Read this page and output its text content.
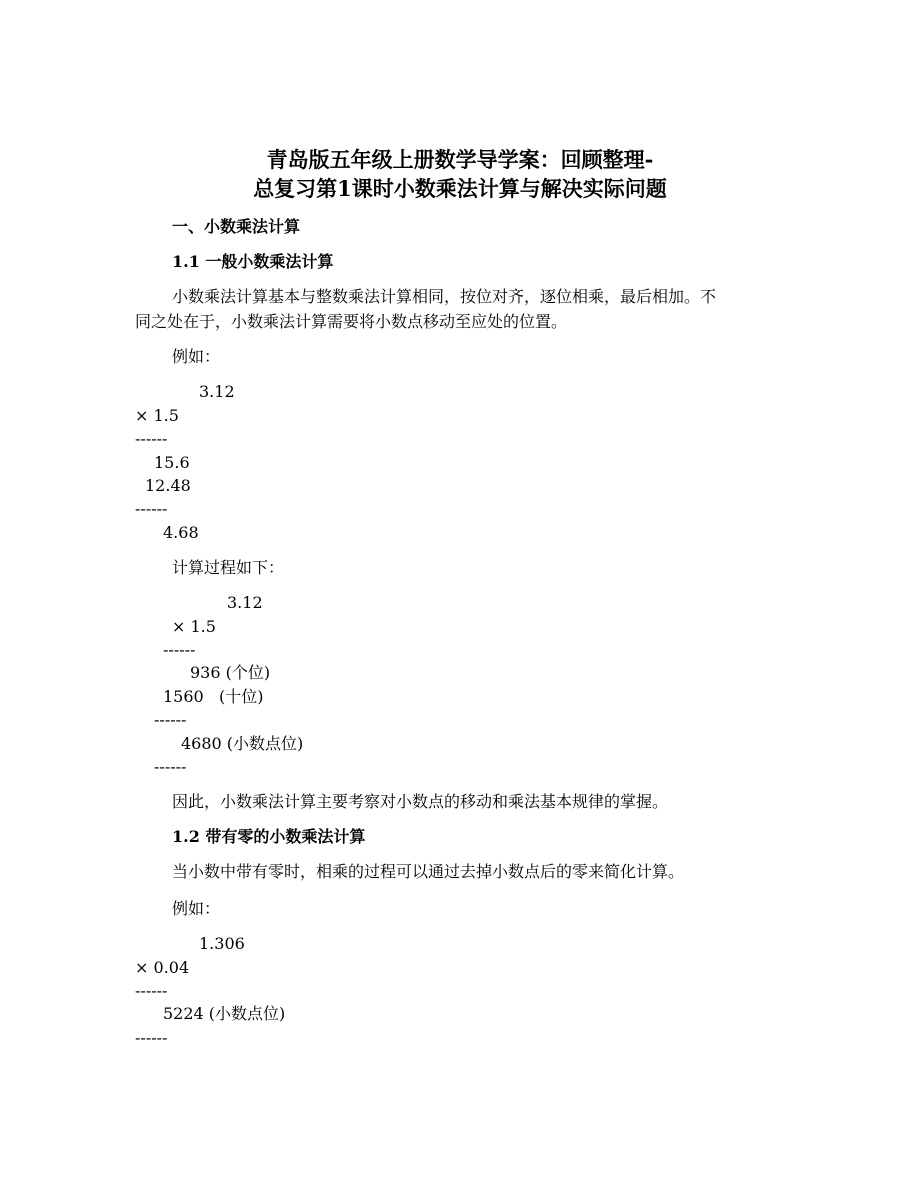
青岛版五年级上册数学导学案：回顾整理-

总复习第1课时小数乘法计算与解决实际问题

一、小数乘法计算

1.1 一般小数乘法计算

小数乘法计算基本与整数乘法计算相同，按位对齐，逐位相乘，最后相加。不

同之处在于，小数乘法计算需要将小数点移动至应处的位置。

例如：

3.12

× 1.5

------

15.6

12.48

------

4.68

计算过程如下：

3.12

× 1.5

------

936 (个位)

1560   (十位)

------

4680 (小数点位)

------

因此，小数乘法计算主要考察对小数点的移动和乘法基本规律的掌握。

1.2 带有零的小数乘法计算

当小数中带有零时，相乘的过程可以通过去掉小数点后的零来简化计算。

例如：

1.306

× 0.04

------

5224 (小数点位)

------
